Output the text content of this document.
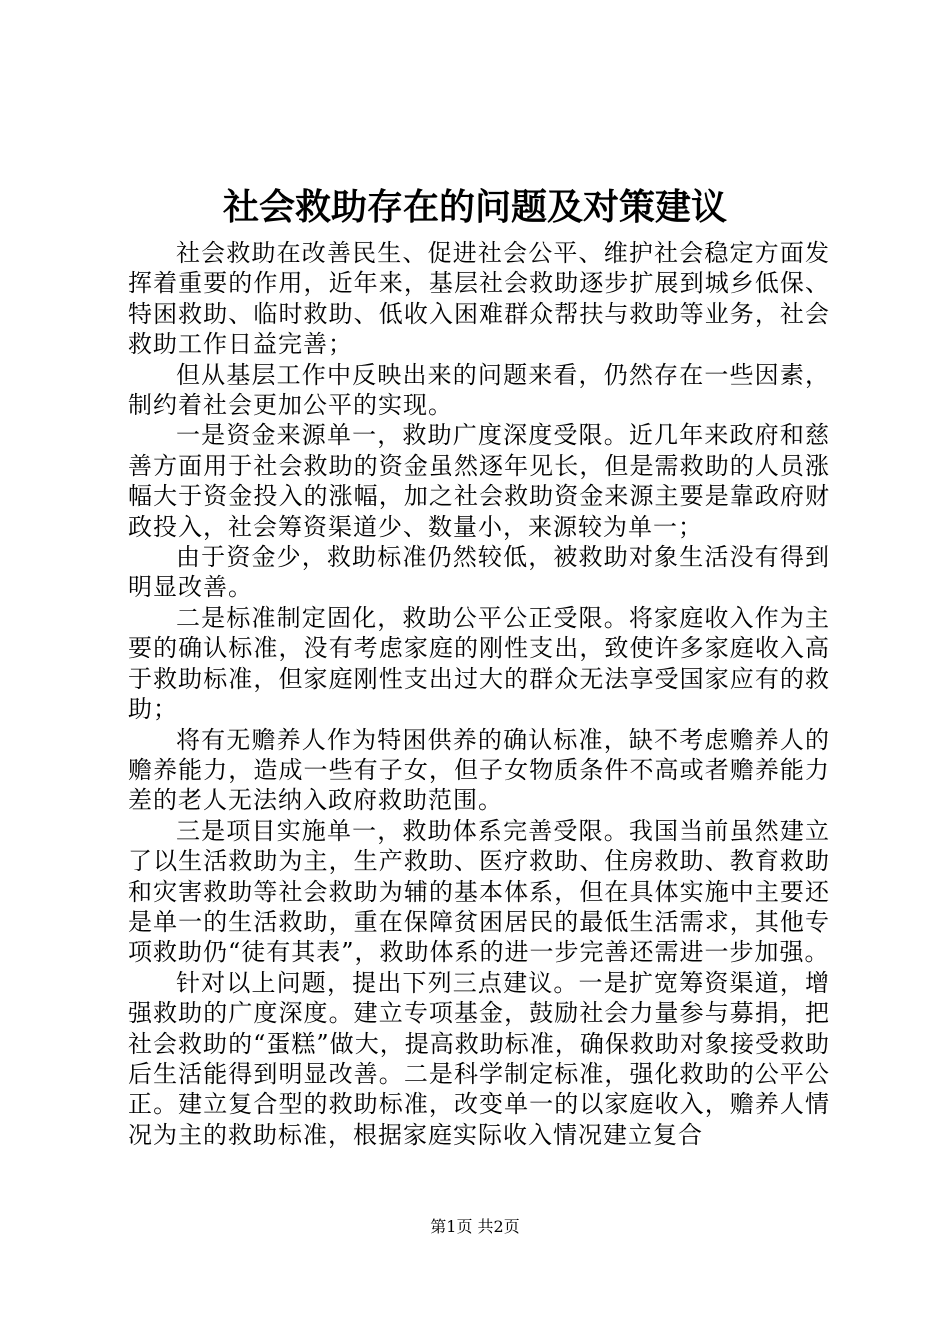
社会救助存在的问题及对策建议

社会救助在改善民生、促进社会公平、维护社会稳定方面发挥着重要的作用，近年来，基层社会救助逐步扩展到城乡低保、特困救助、临时救助、低收入困难群众帮扶与救助等业务，社会救助工作日益完善；

但从基层工作中反映出来的问题来看，仍然存在一些因素，制约着社会更加公平的实现。

一是资金来源单一，救助广度深度受限。近几年来政府和慈善方面用于社会救助的资金虽然逐年见长，但是需救助的人员涨幅大于资金投入的涨幅，加之社会救助资金来源主要是靠政府财政投入，社会筹资渠道少、数量小，来源较为单一；

由于资金少，救助标准仍然较低，被救助对象生活没有得到明显改善。

二是标准制定固化，救助公平公正受限。将家庭收入作为主要的确认标准，没有考虑家庭的刚性支出，致使许多家庭收入高于救助标准，但家庭刚性支出过大的群众无法享受国家应有的救助；

将有无赡养人作为特困供养的确认标准，缺不考虑赡养人的赡养能力，造成一些有子女，但子女物质条件不高或者赡养能力差的老人无法纳入政府救助范围。

三是项目实施单一，救助体系完善受限。我国当前虽然建立了以生活救助为主，生产救助、医疗救助、住房救助、教育救助和灾害救助等社会救助为辅的基本体系，但在具体实施中主要还是单一的生活救助，重在保障贫困居民的最低生活需求，其他专项救助仍“徒有其表”，救助体系的进一步完善还需进一步加强。

针对以上问题，提出下列三点建议。一是扩宽筹资渠道，增强救助的广度深度。建立专项基金，鼓励社会力量参与募捐，把社会救助的“蛋糕”做大，提高救助标准，确保救助对象接受救助后生活能得到明显改善。二是科学制定标准，强化救助的公平公正。建立复合型的救助标准，改变单一的以家庭收入，赡养人情况为主的救助标准，根据家庭实际收入情况建立复合

第1页 共2页
